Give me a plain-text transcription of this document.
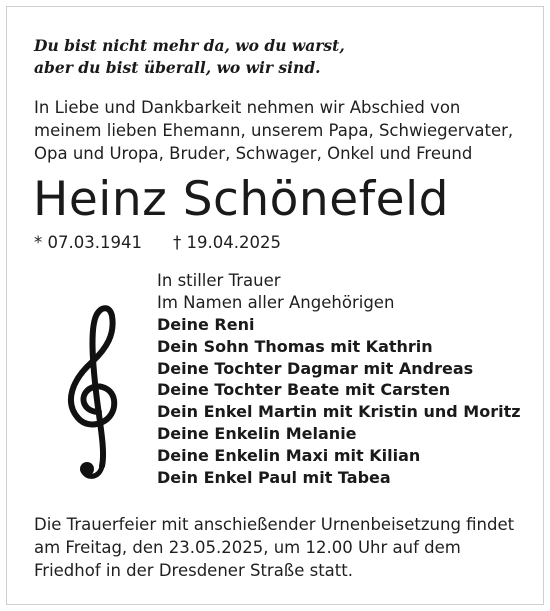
Du bist nicht mehr da, wo du warst,
aber du bist überall, wo wir sind.
In Liebe und Dankbarkeit nehmen wir Abschied von
meinem lieben Ehemann, unserem Papa, Schwiegervater,
Opa und Uropa, Bruder, Schwager, Onkel und Freund
Heinz Schönefeld
* 07.03.1941 † 19.04.2025
In stiller Trauer
Im Namen aller Angehörigen
Deine Reni
Dein Sohn Thomas mit Kathrin
Deine Tochter Dagmar mit Andreas
Deine Tochter Beate mit Carsten
Dein Enkel Martin mit Kristin und Moritz
Deine Enkelin Melanie
Deine Enkelin Maxi mit Kilian
Dein Enkel Paul mit Tabea
Die Trauerfeier mit anschießender Urnenbeisetzung findet
am Freitag, den 23.05.2025, um 12.00 Uhr auf dem
Friedhof in der Dresdener Straße statt.
